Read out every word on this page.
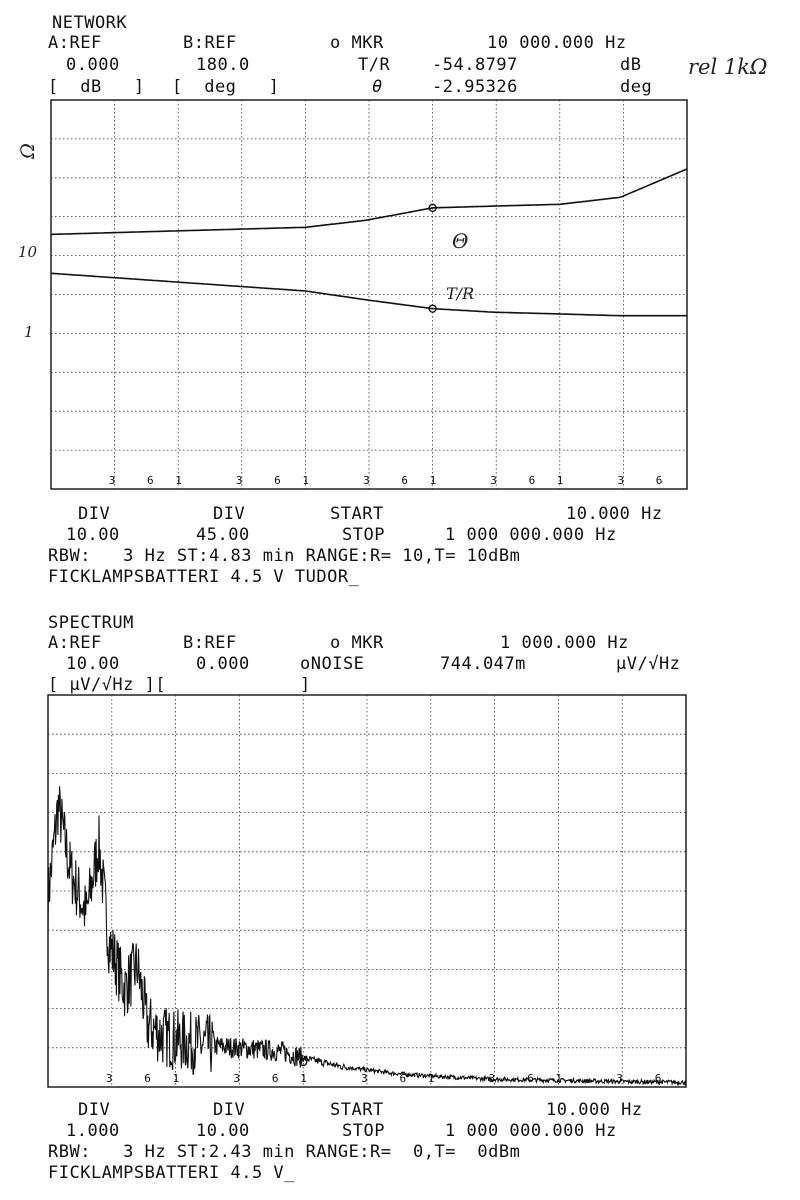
NETWORK
A:REF	B:REF	o MKR	10 000.000 Hz
0.000	180.0	T/R -54.8797	dB
[  dB   ] [  deg   ]	θ	-2.95326	deg
rel 1kΩ
Ω
10
1
Θ
T/R
DIV	DIV	START	10.000 Hz
10.00	45.00	STOP	1 000 000.000 Hz
RBW:   3 Hz ST:4.83 min RANGE:R= 10,T= 10dBm
FICKLAMPSBATTERI 4.5 V TUDOR_
SPECTRUM
A:REF	B:REF	o MKR	1 000.000 Hz
10.00	0.000	oNOISE	744.047m	μV/√Hz
[ μV/√Hz ][	]
DIV	DIV	START	10.000 Hz
1.000	10.00	STOP	1 000 000.000 Hz
RBW:   3 Hz ST:2.43 min RANGE:R=  0,T=  0dBm
FICKLAMPSBATTERI 4.5 V_
3	6 1	3	6 1	3	6 1	3	6 1	3	6
3	6 1	3	6 1	3	6 1	3	6 1	3	6
